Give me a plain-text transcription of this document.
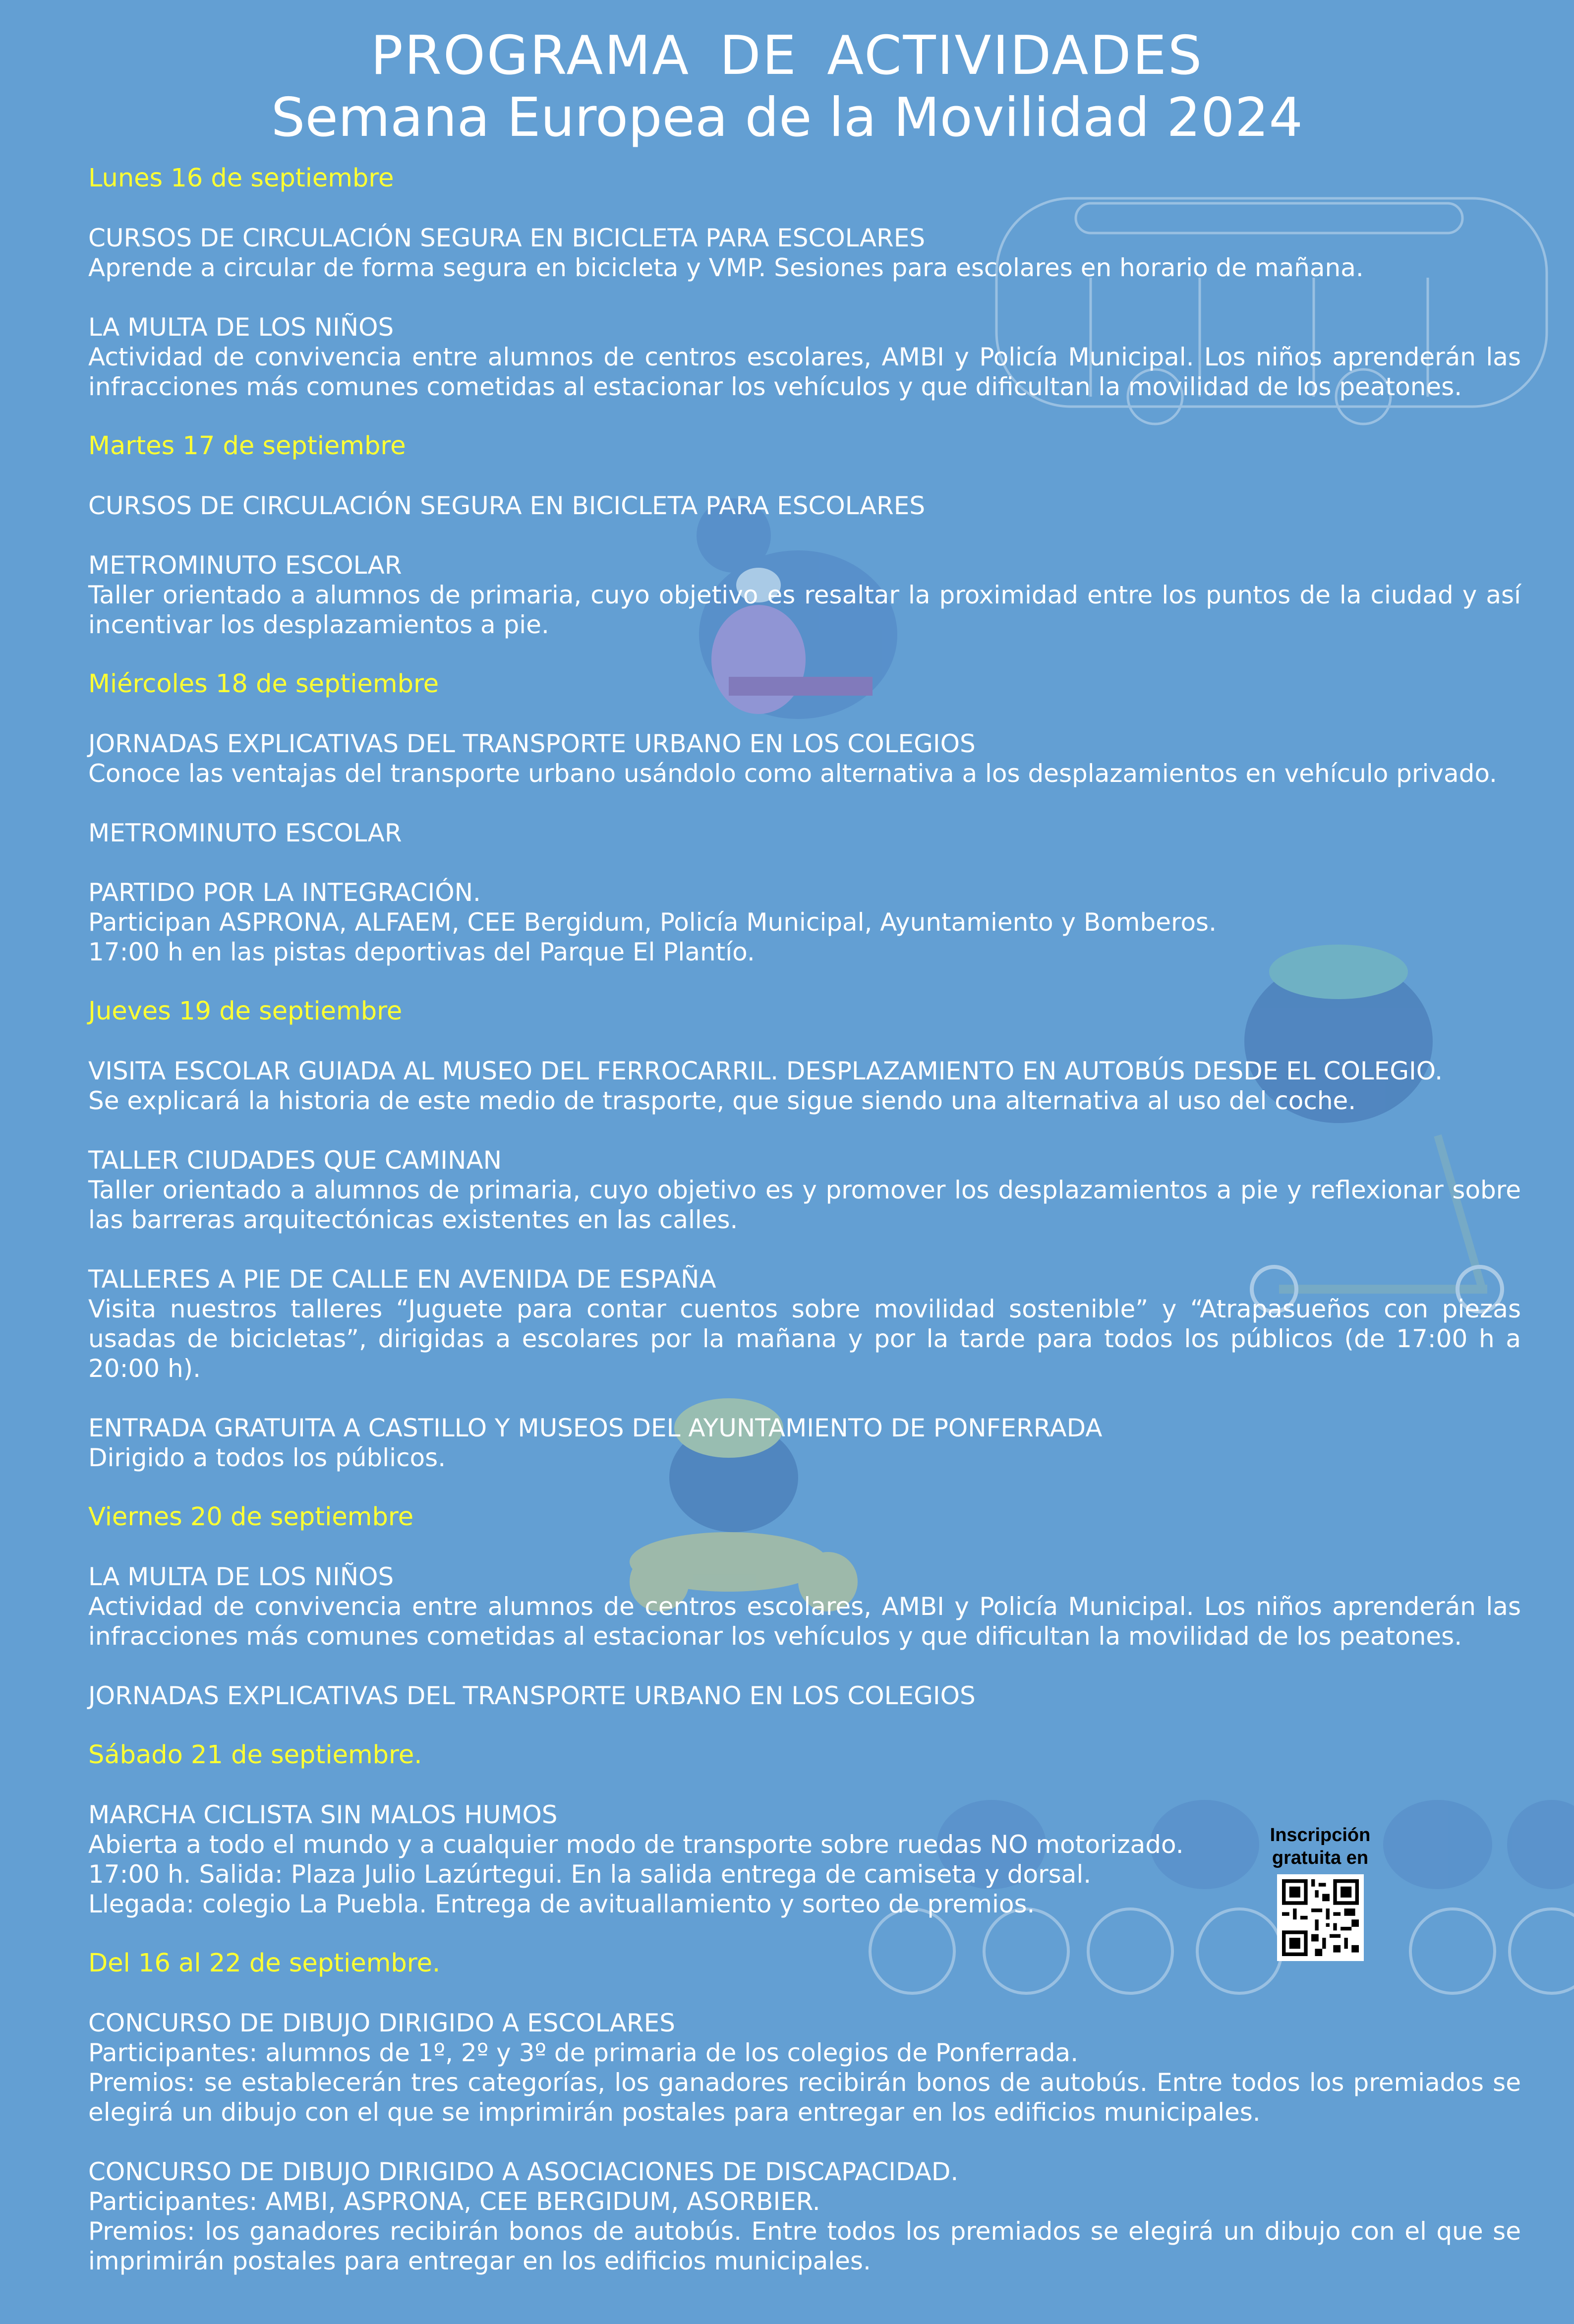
PROGRAMA DE ACTIVIDADES
Semana Europea de la Movilidad 2024
Lunes 16 de septiembre
CURSOS DE CIRCULACIÓN SEGURA EN BICICLETA PARA ESCOLARES
Aprende a circular de forma segura en bicicleta y VMP. Sesiones para escolares en horario de mañana.
LA MULTA DE LOS NIÑOS
Actividad de convivencia entre alumnos de centros escolares, AMBI y Policía Municipal. Los niños aprenderán las infracciones más comunes cometidas al estacionar los vehículos y que dificultan la movilidad de los peatones.
Martes 17 de septiembre
CURSOS DE CIRCULACIÓN SEGURA EN BICICLETA PARA ESCOLARES
METROMINUTO ESCOLAR
Taller orientado a alumnos de primaria, cuyo objetivo es resaltar la proximidad entre los puntos de la ciudad y así incentivar los desplazamientos a pie.
Miércoles 18 de septiembre
JORNADAS EXPLICATIVAS DEL TRANSPORTE URBANO EN LOS COLEGIOS
Conoce las ventajas del transporte urbano usándolo como alternativa a los desplazamientos en vehículo privado.
METROMINUTO ESCOLAR
PARTIDO POR LA INTEGRACIÓN.
Participan ASPRONA, ALFAEM, CEE Bergidum, Policía Municipal, Ayuntamiento y Bomberos.
17:00 h en las pistas deportivas del Parque El Plantío.
Jueves 19 de septiembre
VISITA ESCOLAR GUIADA AL MUSEO DEL FERROCARRIL. DESPLAZAMIENTO EN AUTOBÚS DESDE EL COLEGIO.
Se explicará la historia de este medio de trasporte, que sigue siendo una alternativa al uso del coche.
TALLER CIUDADES QUE CAMINAN
Taller orientado a alumnos de primaria, cuyo objetivo es y promover los desplazamientos a pie y reflexionar sobre las barreras arquitectónicas existentes en las calles.
TALLERES A PIE DE CALLE EN AVENIDA DE ESPAÑA
Visita nuestros talleres “Juguete para contar cuentos sobre movilidad sostenible” y “Atrapasueños con piezas usadas de bicicletas”, dirigidas a escolares por la mañana y por la tarde para todos los públicos (de 17:00 h a 20:00 h).
ENTRADA GRATUITA A CASTILLO Y MUSEOS DEL AYUNTAMIENTO DE PONFERRADA
Dirigido a todos los públicos.
Viernes 20 de septiembre
LA MULTA DE LOS NIÑOS
Actividad de convivencia entre alumnos de centros escolares, AMBI y Policía Municipal. Los niños aprenderán las infracciones más comunes cometidas al estacionar los vehículos y que dificultan la movilidad de los peatones.
JORNADAS EXPLICATIVAS DEL TRANSPORTE URBANO EN LOS COLEGIOS
Sábado 21 de septiembre.
MARCHA CICLISTA SIN MALOS HUMOS
Abierta a todo el mundo y a cualquier modo de transporte sobre ruedas NO motorizado.
17:00 h. Salida: Plaza Julio Lazúrtegui. En la salida entrega de camiseta y dorsal.
Llegada: colegio La Puebla. Entrega de avituallamiento y sorteo de premios.
Del 16 al 22 de septiembre.
CONCURSO DE DIBUJO DIRIGIDO A ESCOLARES
Participantes: alumnos de 1º, 2º y 3º de primaria de los colegios de Ponferrada.
Premios: se establecerán tres categorías, los ganadores recibirán bonos de autobús. Entre todos los premiados se elegirá un dibujo con el que se imprimirán postales para entregar en los edificios municipales.
CONCURSO DE DIBUJO DIRIGIDO A ASOCIACIONES DE DISCAPACIDAD.
Participantes: AMBI, ASPRONA, CEE BERGIDUM, ASORBIER.
Premios: los ganadores recibirán bonos de autobús. Entre todos los premiados se elegirá un dibujo con el que se imprimirán postales para entregar en los edificios municipales.
Inscripción gratuita en
